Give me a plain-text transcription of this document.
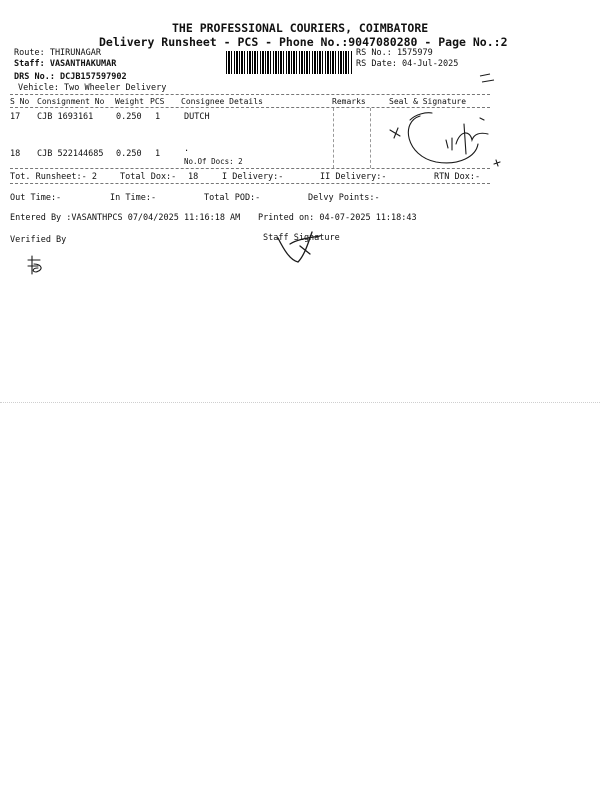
THE PROFESSIONAL COURIERS, COIMBATORE
Delivery Runsheet - PCS - Phone No.:9047080280 - Page No.:2
Route: THIRUNAGAR
Staff: VASANTHAKUMAR
DRS No.: DCJB157597902
Vehicle: Two Wheeler Delivery
RS No.: 1575979
RS Date: 04-Jul-2025
S No Consignment No Weight PCS Consignee Details	Remarks	Seal & Signature
17 CJB 1693161	0.250 1	DUTCH
18 CJB 522144685 0.250 1	.
No.Of Docs: 2
Tot. Runsheet:- 2	Total Dox:- 18	I Delivery:-	II Delivery:-	RTN Dox:-
Out Time:-	In Time:-	Total POD:-	Delvy Points:-
Entered By :VASANTHPCS 07/04/2025 11:16:18 AM Printed on: 04-07-2025 11:18:43
Verified By	Staff Signature
